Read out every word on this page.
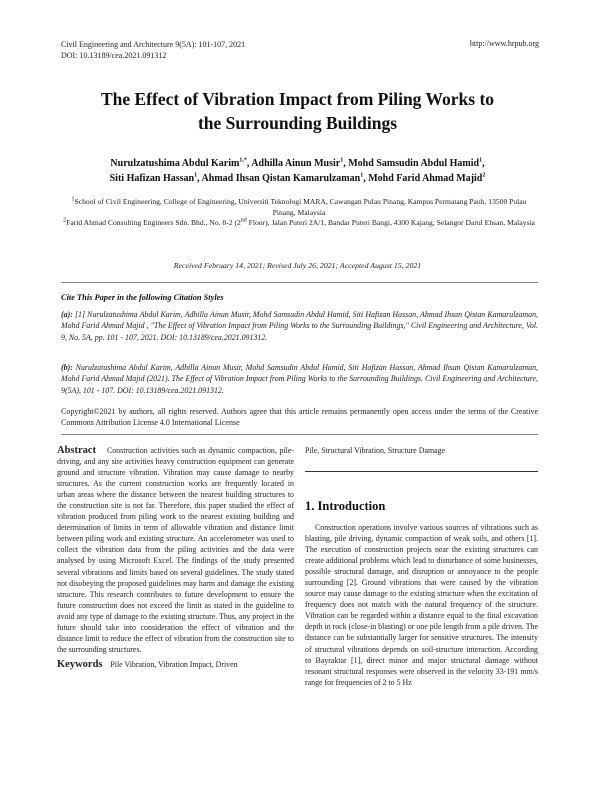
Civil Engineering and Architecture 9(5A): 101-107, 2021
DOI: 10.13189/cea.2021.091312
http://www.hrpub.org
The Effect of Vibration Impact from Piling Works to
the Surrounding Buildings
Nurulzatushima Abdul Karim$^{1,*}$, Adhilla Ainun Musir$^1$, Mohd Samsudin Abdul Hamid$^1$,
Siti Hafizan Hassan$^1$, Ahmad Ihsan Qistan Kamarulzaman$^1$, Mohd Farid Ahmad Majid$^2$
$^1$School of Civil Engineering, College of Engineering, Universiti Teknologi MARA, Cawangan Pulau Pinang, Kampus Permatang Pauh, 13500 Pulau Pinang, Malaysia
$^2$Farid Ahmad Consulting Engineers Sdn. Bhd., No. 8-2 (2nd Floor), Jalan Puteri 2A/1, Bandar Puteri Bangi, 4300 Kajang, Selangor Darul Ehsan, Malaysia
Received February 14, 2021; Revised July 26, 2021; Accepted August 15, 2021
Cite This Paper in the following Citation Styles
(a): [1] Nurulzatushima Abdul Karim, Adhilla Ainun Musir, Mohd Samsudin Abdul Hamid, Siti Hafizan Hassan, Ahmad Ihsan Qistan Kamarulzaman, Mohd Farid Ahmad Majid , "The Effect of Vibration Impact from Piling Works to the Surrounding Buildings," Civil Engineering and Architecture, Vol. 9, No. 5A, pp. 101 - 107, 2021. DOI: 10.13189/cea.2021.091312.
(b): Nurulzatushima Abdul Karim, Adhilla Ainun Musir, Mohd Samsudin Abdul Hamid, Siti Hafizan Hassan, Ahmad Ihsan Qistan Kamarulzaman, Mohd Farid Ahmad Majid (2021). The Effect of Vibration Impact from Piling Works to the Surrounding Buildings. Civil Engineering and Architecture, 9(5A), 101 - 107. DOI: 10.13189/cea.2021.091312.
Copyright©2021 by authors, all rights reserved. Authors agree that this article remains permanently open access under the terms of the Creative Commons Attribution License 4.0 International License
Abstract Construction activities such as dynamic compaction, pile-driving, and any site activities heavy construction equipment can generate ground and structure vibration. Vibration may cause damage to nearby structures. As the current construction works are frequently located in urban areas where the distance between the nearest building structures to the construction site is not far. Therefore, this paper studied the effect of vibration produced from piling work to the nearest existing building and determination of limits in term of allowable vibration and distance limit between piling work and existing structure. An accelerometer was used to collect the vibration data from the piling activities and the data were analysed by using Microsoft Excel. The findings of the study presented several vibrations and limits based on several guidelines. The study stated not disobeying the proposed guidelines may harm and damage the existing structure. This research contributes to future development to ensure the future construction does not exceed the limit as stated in the guideline to avoid any type of damage to the existing structure. Thus, any project in the future should take into consideration the effect of vibration and the distance limit to reduce the effect of vibration from the construction site to the surrounding structures.
Keywords Pile Vibration, Vibration Impact, Driven
Pile, Structural Vibration, Structure Damage
1. Introduction
Construction operations involve various sources of vibrations such as blasting, pile driving, dynamic compaction of weak soils, and others [1]. The execution of construction projects near the existing structures can create additional problems which lead to disturbance of some businesses, possible structural damage, and disruption or annoyance to the people surrounding [2]. Ground vibrations that were caused by the vibration source may cause damage to the existing structure when the excitation of frequency does not match with the natural frequency of the structure. Vibration can be regarded within a distance equal to the final excavation depth in rock (close-in blasting) or one pile length from a pile driven. The distance can be substantially larger for sensitive structures. The intensity of structural vibrations depends on soil-structure interaction. According to Bayraktar [1], direct minor and major structural damage without resonant structural responses were observed in the velocity 33-191 mm/s range for frequencies of 2 to 5 Hz
